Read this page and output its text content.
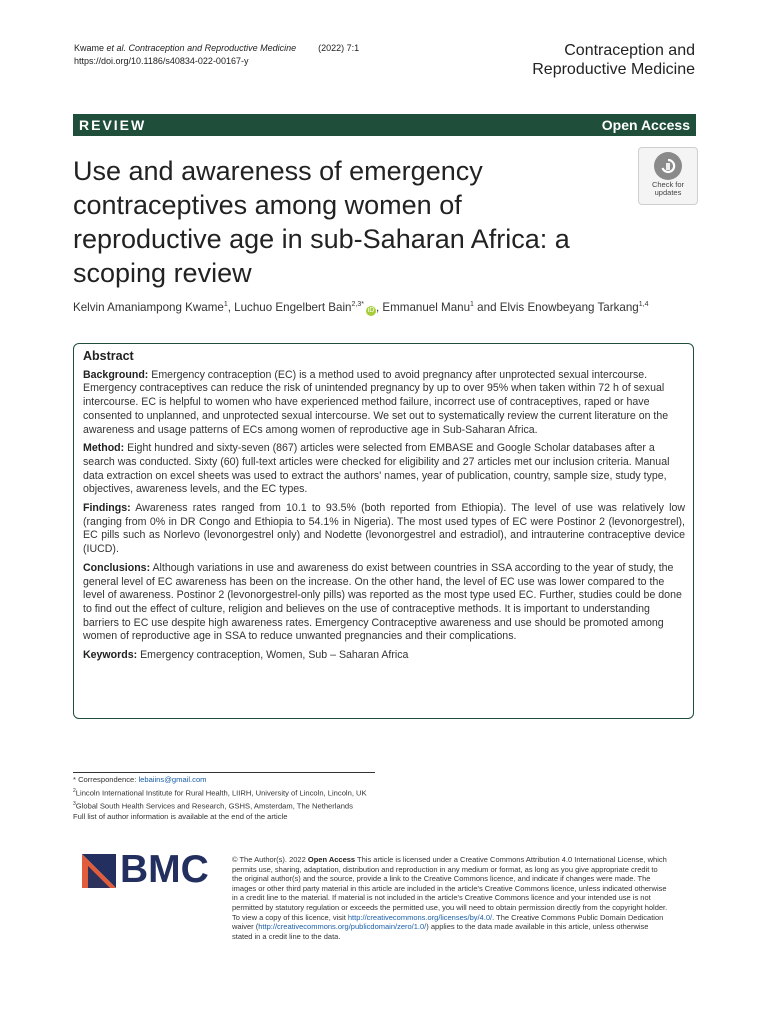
Kwame et al. Contraception and Reproductive Medicine (2022) 7:1
https://doi.org/10.1186/s40834-022-00167-y
Contraception and
Reproductive Medicine
REVIEW	Open Access
Use and awareness of emergency contraceptives among women of reproductive age in sub-Saharan Africa: a scoping review
Check for
updates
Kelvin Amaniampong Kwame$^1$, Luchuo Engelbert Bain$^{2,3*}$iD , Emmanuel Manu$^1$ and Elvis Enowbeyang Tarkang$^{1,4}$
Abstract

Background: Emergency contraception (EC) is a method used to avoid pregnancy after unprotected sexual intercourse. Emergency contraceptives can reduce the risk of unintended pregnancy by up to over 95% when taken within 72 h of sexual intercourse. EC is helpful to women who have experienced method failure, incorrect use of contraceptives, raped or have consented to unplanned, and unprotected sexual intercourse. We set out to systematically review the current literature on the awareness and usage patterns of ECs among women of reproductive age in Sub-Saharan Africa.

Method: Eight hundred and sixty-seven (867) articles were selected from EMBASE and Google Scholar databases after a search was conducted. Sixty (60) full-text articles were checked for eligibility and 27 articles met our inclusion criteria. Manual data extraction on excel sheets was used to extract the authors' names, year of publication, country, sample size, study type, objectives, awareness levels, and the EC types.

Findings: Awareness rates ranged from 10.1 to 93.5% (both reported from Ethiopia). The level of use was relatively low (ranging from 0% in DR Congo and Ethiopia to 54.1% in Nigeria). The most used types of EC were Postinor 2 (levonorgestrel), EC pills such as Norlevo (levonorgestrel only) and Nodette (levonorgestrel and estradiol), and intrauterine contraceptive device (IUCD).

Conclusions: Although variations in use and awareness do exist between countries in SSA according to the year of study, the general level of EC awareness has been on the increase. On the other hand, the level of EC use was lower compared to the level of awareness. Postinor 2 (levonorgestrel-only pills) was reported as the most type used EC. Further, studies could be done to find out the effect of culture, religion and believes on the use of contraceptive methods. It is important to understanding barriers to EC use despite high awareness rates. Emergency Contraceptive awareness and use should be promoted among women of reproductive age in SSA to reduce unwanted pregnancies and their complications.

Keywords: Emergency contraception, Women, Sub – Saharan Africa

* Correspondence: lebaiins@gmail.com
$^2$Lincoln International Institute for Rural Health, LIIRH, University of Lincoln, Lincoln, UK
$^3$Global South Health Services and Research, GSHS, Amsterdam, The Netherlands
Full list of author information is available at the end of the article
BMC	© The Author(s). 2022 Open Access This article is licensed under a Creative Commons Attribution 4.0 International License, which permits use, sharing, adaptation, distribution and reproduction in any medium or format, as long as you give appropriate credit to the original author(s) and the source, provide a link to the Creative Commons licence, and indicate if changes were made. The images or other third party material in this article are included in the article's Creative Commons licence, unless indicated otherwise in a credit line to the material. If material is not included in the article's Creative Commons licence and your intended use is not permitted by statutory regulation or exceeds the permitted use, you will need to obtain permission directly from the copyright holder. To view a copy of this licence, visit http://creativecommons.org/licenses/by/4.0/. The Creative Commons Public Domain Dedication waiver (http://creativecommons.org/publicdomain/zero/1.0/) applies to the data made available in this article, unless otherwise stated in a credit line to the data.
